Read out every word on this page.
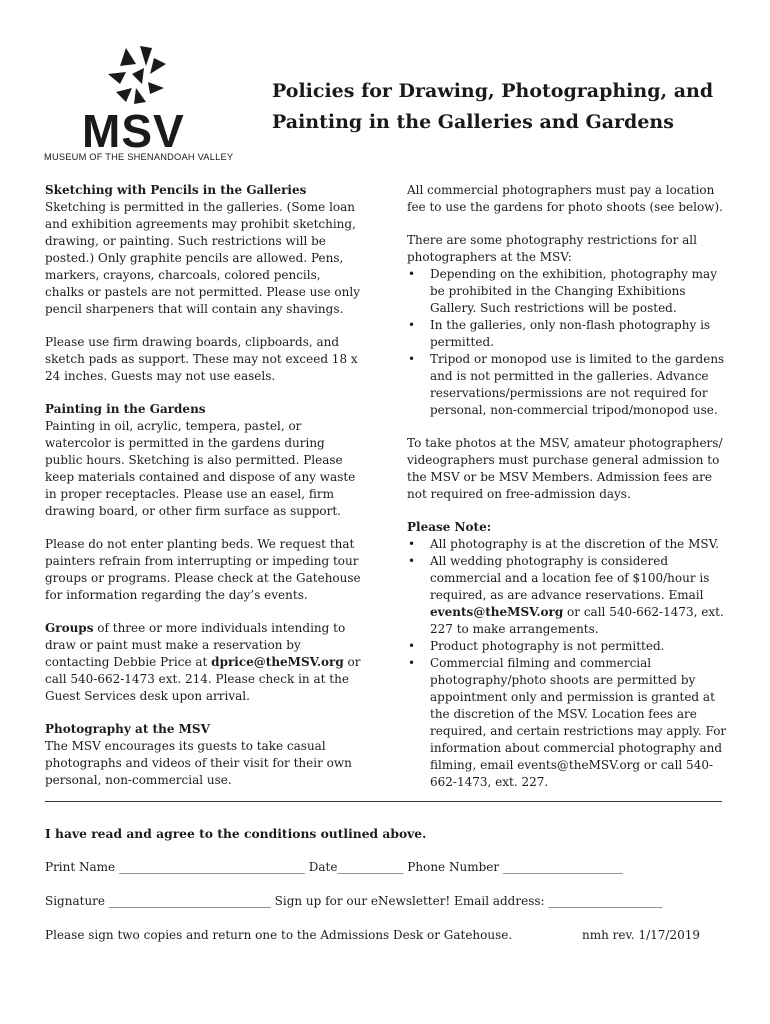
MSV
MUSEUM OF THE SHENANDOAH VALLEY
Policies for Drawing, Photographing, and
Painting in the Galleries and Gardens
Sketching with Pencils in the Galleries

Sketching is permitted in the galleries. (Some loan and exhibition agreements may prohibit sketching, drawing, or painting. Such restrictions will be posted.) Only graphite pencils are allowed. Pens, markers, crayons, charcoals, colored pencils, chalks or pastels are not permitted. Please use only pencil sharpeners that will contain any shavings.

Please use firm drawing boards, clipboards, and sketch pads as support. These may not exceed 18 x 24 inches. Guests may not use easels.

Painting in the Gardens

Painting in oil, acrylic, tempera, pastel, or watercolor is permitted in the gardens during public hours. Sketching is also permitted. Please keep materials contained and dispose of any waste in proper receptacles. Please use an easel, firm drawing board, or other firm surface as support.

Please do not enter planting beds. We request that painters refrain from interrupting or impeding tour groups or programs. Please check at the Gatehouse for information regarding the day’s events.

Groups of three or more individuals intending to draw or paint must make a reservation by contacting Debbie Price at dprice@theMSV.org or call 540-662-1473 ext. 214. Please check in at the Guest Services desk upon arrival.

Photography at the MSV

The MSV encourages its guests to take casual photographs and videos of their visit for their own personal, non-commercial use.

All commercial photographers must pay a location fee to use the gardens for photo shoots (see below).

There are some photography restrictions for all photographers at the MSV:

• Depending on the exhibition, photography may be prohibited in the Changing Exhibitions Gallery. Such restrictions will be posted.
• In the galleries, only non-flash photography is permitted.
• Tripod or monopod use is limited to the gardens and is not permitted in the galleries. Advance reservations/permissions are not required for personal, non-commercial tripod/monopod use.

To take photos at the MSV, amateur photographers/ videographers must purchase general admission to the MSV or be MSV Members. Admission fees are not required on free-admission days.

Please Note:
• All photography is at the discretion of the MSV.
• All wedding photography is considered commercial and a location fee of $100/hour is required, as are advance reservations. Email events@theMSV.org or call 540-662-1473, ext. 227 to make arrangements.
• Product photography is not permitted.
• Commercial filming and commercial photography/photo shoots are permitted by appointment only and permission is granted at the discretion of the MSV. Location fees are required, and certain restrictions may apply. For information about commercial photography and filming, email events@theMSV.org or call 540-662-1473, ext. 227.
I have read and agree to the conditions outlined above.
Print Name _______________________________ Date___________ Phone Number ____________________
Signature ___________________________ Sign up for our eNewsletter! Email address: ___________________
Please sign two copies and return one to the Admissions Desk or Gatehouse.	nmh rev. 1/17/2019
